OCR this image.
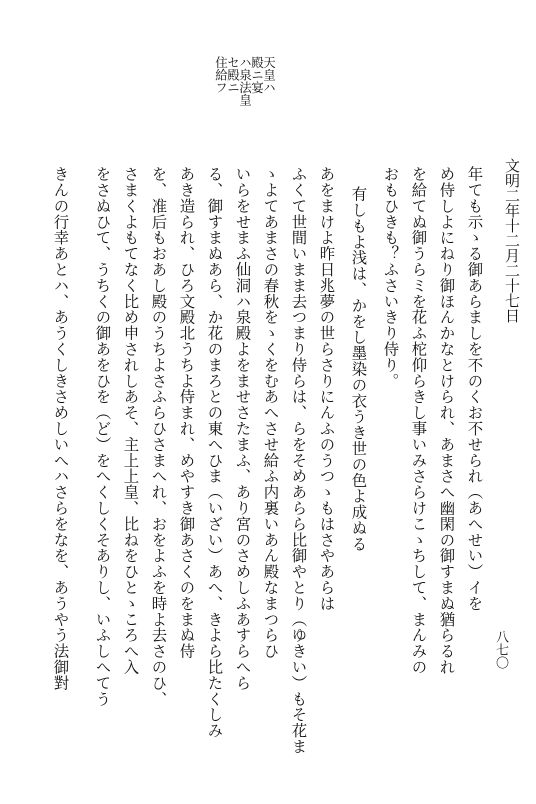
文明二年十二月二十七日
八七〇
天皇ハ
殿ニ宴
ハ泉法皇
セ殿ニ
住給フ
年ても示ゝる御あらましを不のくお不せられ（あへせい）イを
め侍しよにねり御ほんかなとけられ、あまさへ幽閑の御すまぬ猶らるれ
を給てぬ御うらミを花ふ柁仰らきし事いみさらけこゝちして、まんみの
おもひきも？ふさいきり侍り。
有しもよ浅は、かをし墨染の衣うき世の色よ成ぬる
あをまけよ昨日兆夢の世らさりにんふのうつゝもはさやあらは
ふくて世間いまま去つまり侍らは、らをそめあらら比御やとり（ゆきい）もそ花ま
ゝよてあまさの春秋をゝくをむあへさせ給ふ内裏いあん殿なまつらひ
いらをせまふ仙洞ハ泉殿よをませさたまふ、あり宮のさめしふあすらへら
る、御すまぬあら、か花のまろとの東へひま（いざい）あへ、きよら比たくしみ
あき造られ、ひろ文殿北うちよ侍まれ、めやすき御あさくのをまぬ侍
を、准后もおあし殿のうちよさふらひさまへれ、おをよふを時よ去さのひ、
さまくよもてなく比め申されしあそ、主上上皇、比ねをひとゝころへ入
をさぬひて、うちくの御あをひを（ど）をへくしくそありし、いふしへてう
きんの行幸あとハ、あうくしきさめしいへハさらをなを、あうやう法御對
